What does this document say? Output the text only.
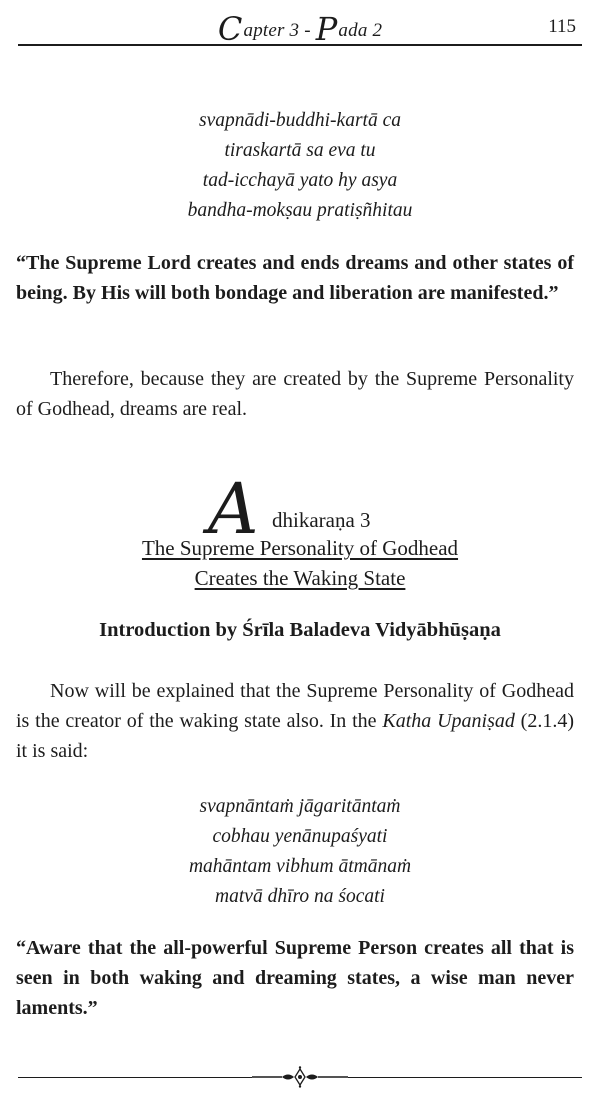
Capter 3 - Pada 2	115
svapnādi-buddhi-kartā ca
tiraskartā sa eva tu
tad-icchayā yato hy asya
bandha-mokṣau pratiṣñhitau
“The Supreme Lord creates and ends dreams and other states of being. By His will both bondage and liberation are manifested.”
Therefore, because they are created by the Supreme Personality of Godhead, dreams are real.
A dhikaraṇa 3
The Supreme Personality of Godhead
Creates the Waking State
Introduction by Śrīla Baladeva Vidyābhūṣaṇa
Now will be explained that the Supreme Personality of Godhead is the creator of the waking state also. In the Katha Upaniṣad (2.1.4) it is said:
svapnāntaṁ jāgaritāntaṁ
cobhau yenānupaśyati
mahāntam vibhum ātmānaṁ
matvā dhīro na śocati
“Aware that the all-powerful Supreme Person creates all that is seen in both waking and dreaming states, a wise man never laments.”
